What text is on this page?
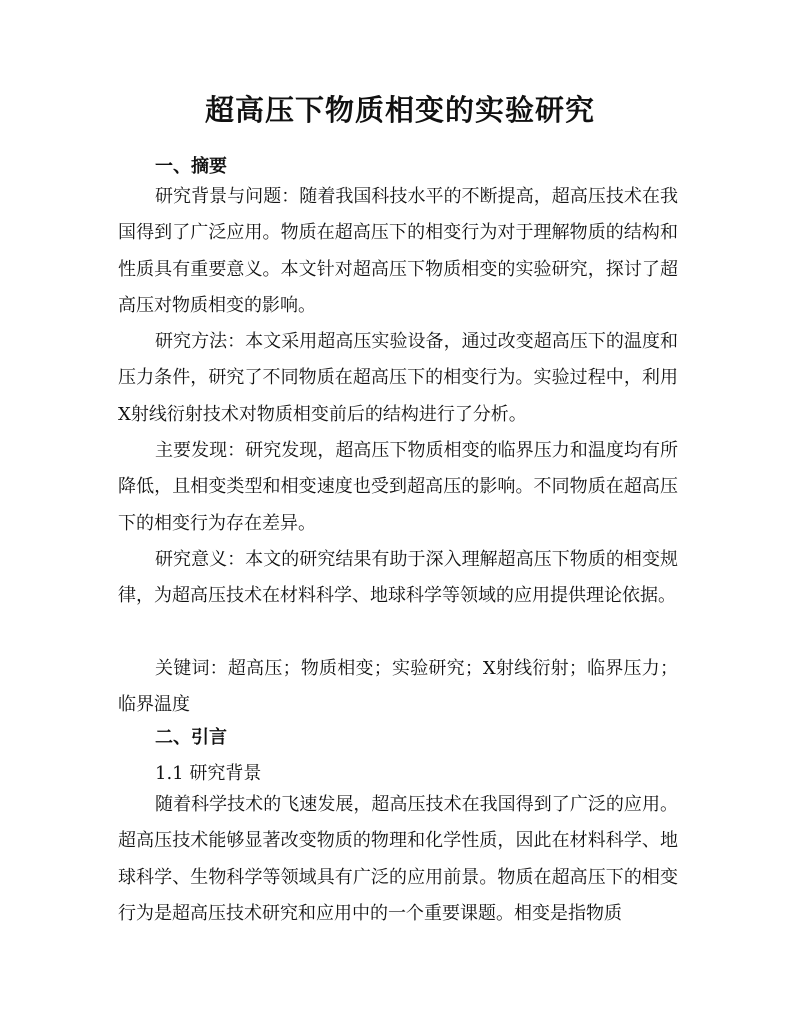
超高压下物质相变的实验研究
一、摘要
研究背景与问题：随着我国科技水平的不断提高，超高压技术在我国得到了广泛应用。物质在超高压下的相变行为对于理解物质的结构和性质具有重要意义。本文针对超高压下物质相变的实验研究，探讨了超高压对物质相变的影响。
研究方法：本文采用超高压实验设备，通过改变超高压下的温度和压力条件，研究了不同物质在超高压下的相变行为。实验过程中，利用X射线衍射技术对物质相变前后的结构进行了分析。
主要发现：研究发现，超高压下物质相变的临界压力和温度均有所降低，且相变类型和相变速度也受到超高压的影响。不同物质在超高压下的相变行为存在差异。
研究意义：本文的研究结果有助于深入理解超高压下物质的相变规律，为超高压技术在材料科学、地球科学等领域的应用提供理论依据。
关键词：超高压；物质相变；实验研究；X射线衍射；临界压力；临界温度
二、引言
1.1 研究背景
随着科学技术的飞速发展，超高压技术在我国得到了广泛的应用。超高压技术能够显著改变物质的物理和化学性质，因此在材料科学、地球科学、生物科学等领域具有广泛的应用前景。物质在超高压下的相变行为是超高压技术研究和应用中的一个重要课题。相变是指物质
